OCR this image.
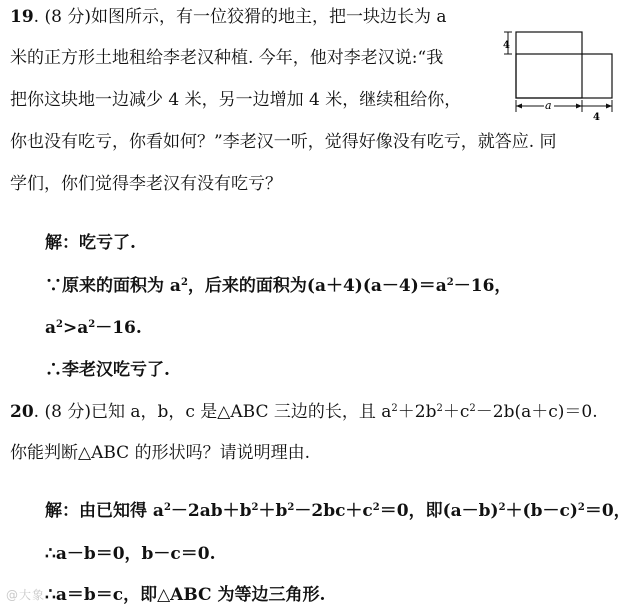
19. (8 分)如图所示，有一位狡猾的地主，把一块边长为 a
米的正方形土地租给李老汉种植. 今年，他对李老汉说:“我
把你这块地一边减少 4 米，另一边增加 4 米，继续租给你，
你也没有吃亏，你看如何？”李老汉一听，觉得好像没有吃亏，就答应. 同
学们，你们觉得李老汉有没有吃亏？
4
a
4
解：吃亏了.
∵原来的面积为 $a^2$，后来的面积为$(a+4)(a-4)=a^2-16$，
$a^2>a^2-16$.
∴李老汉吃亏了.
20. (8 分)已知 a，b，c 是△ABC 三边的长，且 $a^2+2b^2+c^2-2b(a+c)=0$.
你能判断△ABC 的形状吗？请说明理由.
解：由已知得 $a^2-2ab+b^2+b^2-2bc+c^2=0$，即$(a-b)^2+(b-c)^2=0$，
∴a－b＝0，b－c＝0.
∴a＝b＝c，即△ABC 为等边三角形.
@大象
